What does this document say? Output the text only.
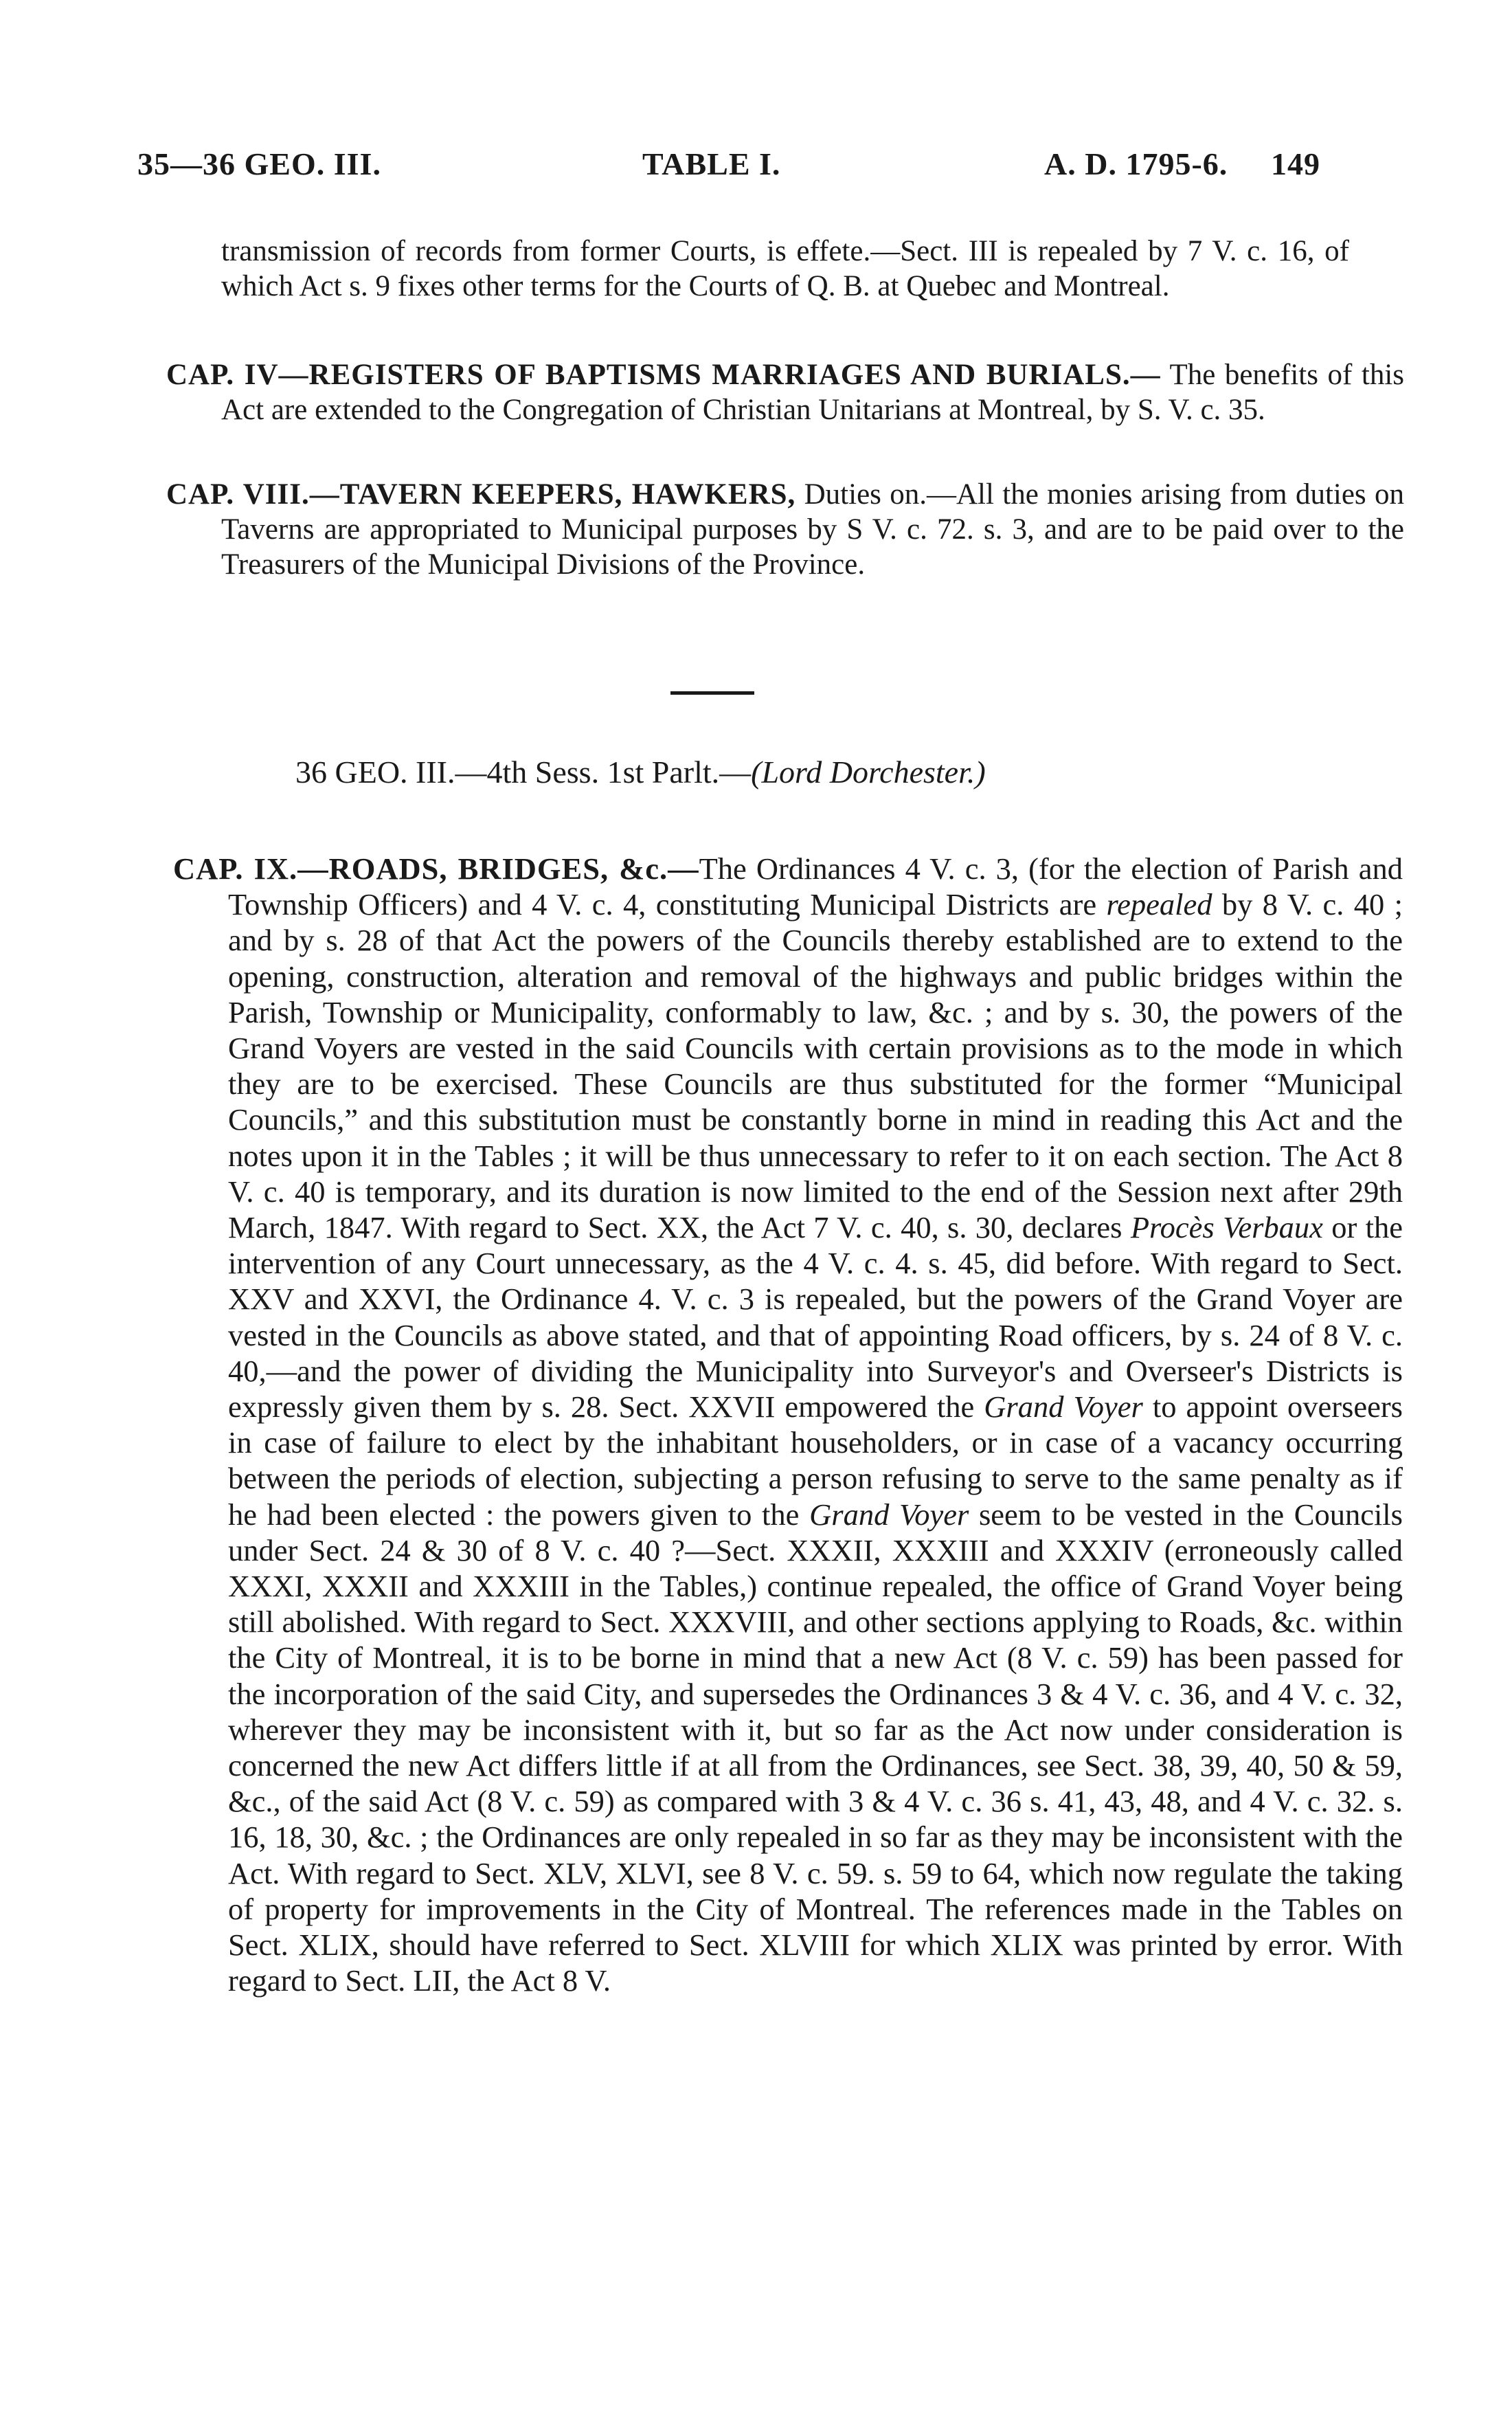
35—36 GEO. III.	TABLE I.	A. D. 1795-6. 149
transmission of records from former Courts, is effete.—Sect. III is repealed by 7 V. c. 16, of which Act s. 9 fixes other terms for the Courts of Q. B. at Quebec and Montreal.
CAP. IV—REGISTERS OF BAPTISMS MARRIAGES AND BURIALS.— The benefits of this Act are extended to the Congregation of Christian Unitarians at Montreal, by S. V. c. 35.
CAP. VIII.—TAVERN KEEPERS, HAWKERS, Duties on.—All the monies arising from duties on Taverns are appropriated to Municipal purposes by S V. c. 72. s. 3, and are to be paid over to the Treasurers of the Municipal Divisions of the Province.
36 GEO. III.—4th Sess. 1st Parlt.—(Lord Dorchester.)
CAP. IX.—ROADS, BRIDGES, &c.—The Ordinances 4 V. c. 3, (for the election of Parish and Township Officers) and 4 V. c. 4, constituting Municipal Districts are repealed by 8 V. c. 40 ; and by s. 28 of that Act the powers of the Councils thereby established are to extend to the opening, construction, alteration and removal of the highways and public bridges within the Parish, Township or Municipality, conformably to law, &c. ; and by s. 30, the powers of the Grand Voyers are vested in the said Councils with certain provisions as to the mode in which they are to be exercised. These Councils are thus substituted for the former “Municipal Councils,” and this substitution must be constantly borne in mind in reading this Act and the notes upon it in the Tables ; it will be thus unnecessary to refer to it on each section. The Act 8 V. c. 40 is temporary, and its duration is now limited to the end of the Session next after 29th March, 1847. With regard to Sect. XX, the Act 7 V. c. 40, s. 30, declares Procès Verbaux or the intervention of any Court unnecessary, as the 4 V. c. 4. s. 45, did before. With regard to Sect. XXV and XXVI, the Ordinance 4. V. c. 3 is repealed, but the powers of the Grand Voyer are vested in the Councils as above stated, and that of appointing Road officers, by s. 24 of 8 V. c. 40,—and the power of dividing the Municipality into Surveyor's and Overseer's Districts is expressly given them by s. 28. Sect. XXVII empowered the Grand Voyer to appoint overseers in case of failure to elect by the inhabitant householders, or in case of a vacancy occurring between the periods of election, subjecting a person refusing to serve to the same penalty as if he had been elected : the powers given to the Grand Voyer seem to be vested in the Councils under Sect. 24 & 30 of 8 V. c. 40 ?—Sect. XXXII, XXXIII and XXXIV (erroneously called XXXI, XXXII and XXXIII in the Tables,) continue repealed, the office of Grand Voyer being still abolished. With regard to Sect. XXXVIII, and other sections applying to Roads, &c. within the City of Montreal, it is to be borne in mind that a new Act (8 V. c. 59) has been passed for the incorporation of the said City, and supersedes the Ordinances 3 & 4 V. c. 36, and 4 V. c. 32, wherever they may be inconsistent with it, but so far as the Act now under consideration is concerned the new Act differs little if at all from the Ordinances, see Sect. 38, 39, 40, 50 & 59, &c., of the said Act (8 V. c. 59) as compared with 3 & 4 V. c. 36 s. 41, 43, 48, and 4 V. c. 32. s. 16, 18, 30, &c. ; the Ordinances are only repealed in so far as they may be inconsistent with the Act. With regard to Sect. XLV, XLVI, see 8 V. c. 59. s. 59 to 64, which now regulate the taking of property for improvements in the City of Montreal. The references made in the Tables on Sect. XLIX, should have referred to Sect. XLVIII for which XLIX was printed by error. With regard to Sect. LII, the Act 8 V.
